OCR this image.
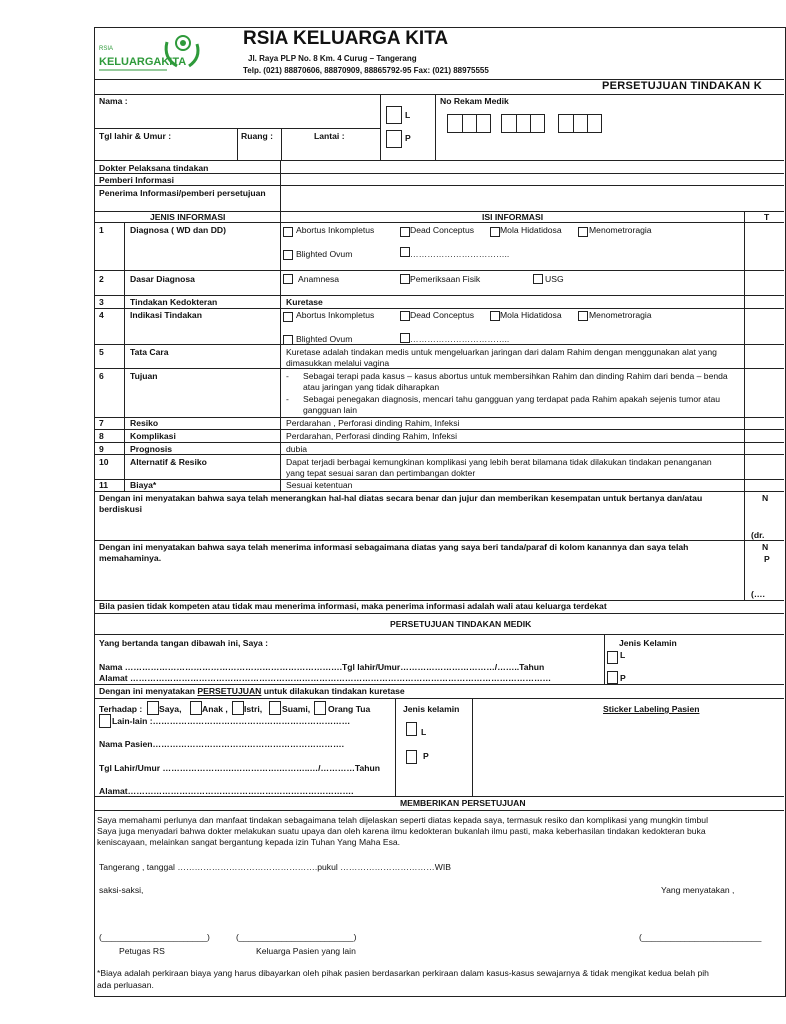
RSIA
KELUARGAKITA
RSIA KELUARGA KITA
Jl. Raya PLP No. 8 Km. 4 Curug – Tangerang
Telp. (021) 88870606, 88870909, 88865792-95 Fax: (021) 88975555
PERSETUJUAN TINDAKAN K
Nama :
Tgl lahir & Umur :	Ruang :	Lantai :
L
P
No Rekam Medik
Dokter Pelaksana tindakan
Pemberi Informasi
Penerima Informasi/pemberi persetujuan
JENIS INFORMASI	ISI INFORMASI	T
1	Diagnosa ( WD dan DD)	Abortus Inkompletus	Dead Conceptus	Mola Hidatidosa	Menometroragia
Blighted Ovum	……………………………..
2	Dasar Diagnosa	Anamnesa	Pemeriksaan Fisik	USG
3	Tindakan Kedokteran	Kuretase
4	Indikasi Tindakan	Abortus Inkompletus	Dead Conceptus	Mola Hidatidosa	Menometroragia
Blighted Ovum	……………………………..
5	Tata Cara	Kuretase adalah tindakan medis untuk mengeluarkan jaringan dari dalam Rahim dengan menggunakan alat yang dimasukkan melalui vagina
6	Tujuan	- Sebagai terapi pada kasus – kasus abortus untuk membersihkan Rahim dan dinding Rahim dari benda – benda atau jaringan yang tidak diharapkan
- Sebagai penegakan diagnosis, mencari tahu gangguan yang terdapat pada Rahim apakah sejenis tumor atau gangguan lain
7	Resiko	Perdarahan , Perforasi dinding Rahim, Infeksi
8	Komplikasi	Perdarahan, Perforasi dinding Rahim, Infeksi
9	Prognosis	dubia
10 Alternatif & Resiko	Dapat terjadi berbagai kemungkinan komplikasi yang lebih berat bilamana tidak dilakukan tindakan penanganan yang tepat sesuai saran dan pertimbangan dokter
11	Biaya*	Sesuai ketentuan
Dengan ini menyatakan bahwa saya telah menerangkan hal-hal diatas secara benar dan jujur dan memberikan kesempatan untuk bertanya dan/atau berdiskusi
N
(dr.
Dengan ini menyatakan bahwa saya telah menerima informasi sebagaimana diatas yang saya beri tanda/paraf di kolom kanannya dan saya telah memahaminya.
N
P
(….
Bila pasien tidak kompeten atau tidak mau menerima informasi, maka penerima informasi adalah wali atau keluarga terdekat
PERSETUJUAN TINDAKAN MEDIK
Yang bertanda tangan dibawah ini, Saya :	Jenis Kelamin
L
P
Nama ………………………………………………………………….Tgl lahir/Umur……………………………/……..Tahun
Alamat …………………………………………………………………………………………………………………………………
Dengan ini menyatakan PERSETUJUAN untuk dilakukan tindakan kuretase
Terhadap : Saya, Anak , Istri, Suami, Orang Tua
Lain-lain :……………………………………………………………
Jenis kelamin
L
P
Sticker Labeling Pasien
Nama Pasien………………………………………………………….
Tgl Lahir/Umur …………………….…………….………..…/…………Tahun
Alamat…………………………………………………………………….
MEMBERIKAN PERSETUJUAN
Saya memahami perlunya dan manfaat tindakan sebagaimana telah dijelaskan seperti diatas kepada saya, termasuk resiko dan komplikasi yang mungkin timbul
Saya juga menyadari bahwa dokter melakukan suatu upaya dan oleh karena ilmu kedokteran bukanlah ilmu pasti, maka keberhasilan tindakan kedokteran buka
keniscayaan, melainkan sangat bergantung kepada izin Tuhan Yang Maha Esa.
Tangerang , tanggal ………………………………………….pukul ……………………………WIB
saksi-saksi,	Yang menyatakan ,
(______________________)	(________________________)	(_________________________
Petugas RS	Keluarga Pasien yang lain
*Biaya adalah perkiraan biaya yang harus dibayarkan oleh pihak pasien berdasarkan perkiraan dalam kasus-kasus sewajarnya & tidak mengikat kedua belah pih
ada perluasan.
